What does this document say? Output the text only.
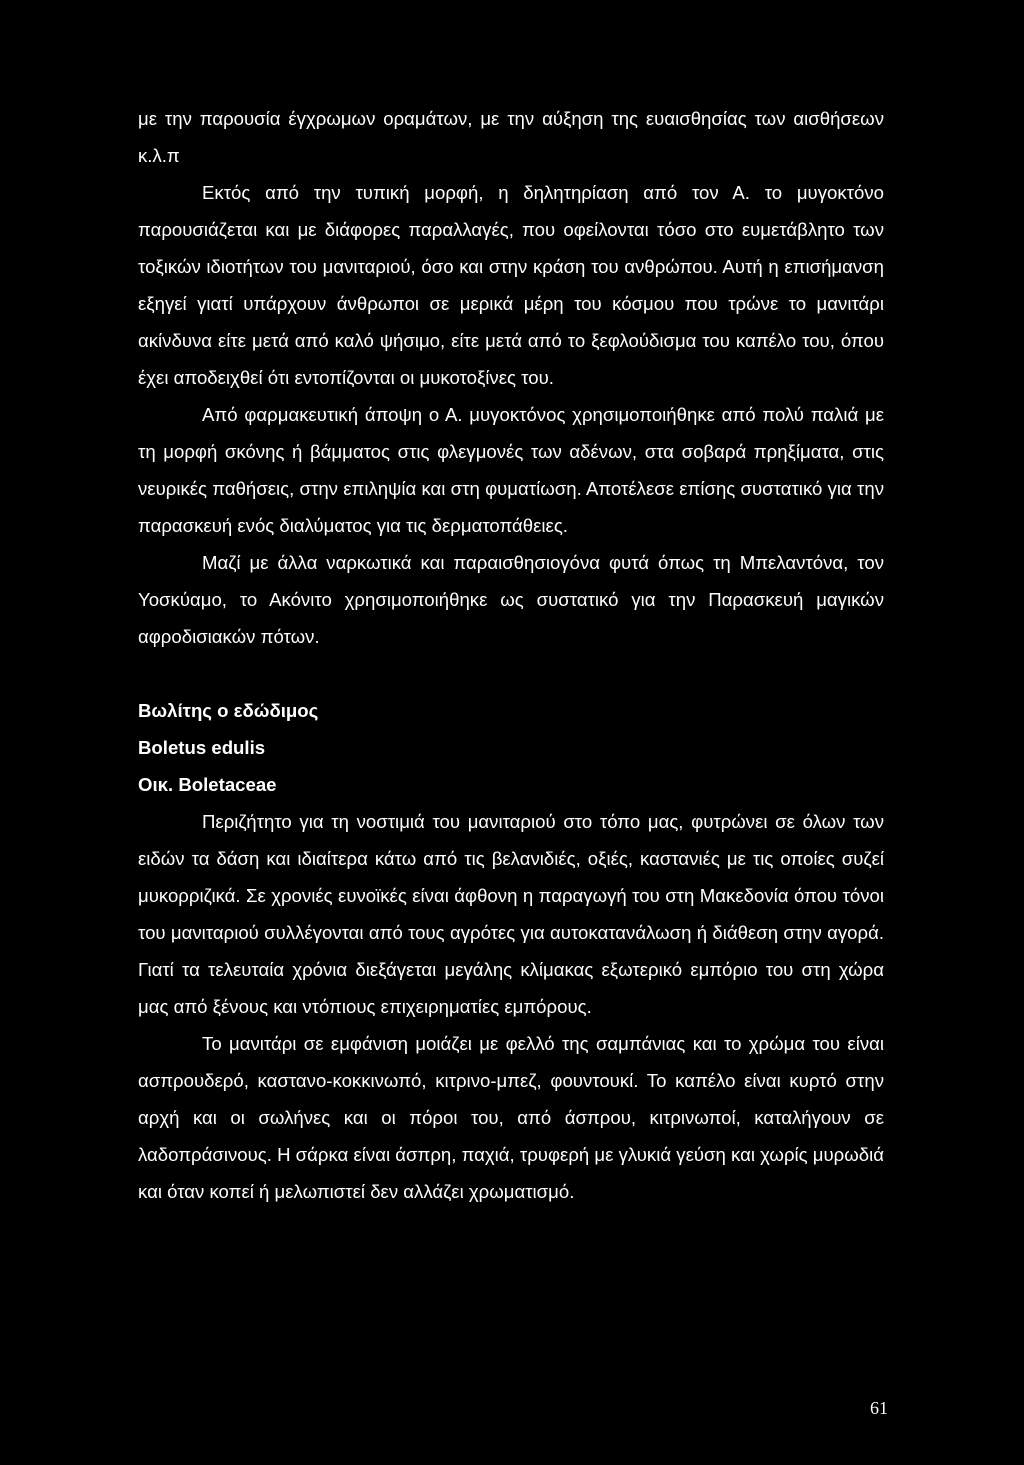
με την παρουσία έγχρωμων οραμάτων, με την αύξηση της ευαισθησίας των αισθήσεων κ.λ.π

Εκτός από την τυπική μορφή, η δηλητηρίαση από τον Α. το μυγοκτόνο παρουσιάζεται και με διάφορες παραλλαγές, που οφείλονται τόσο στο ευμετάβλητο των τοξικών ιδιοτήτων του μανιταριού, όσο και στην κράση του ανθρώπου. Αυτή η επισήμανση εξηγεί γιατί υπάρχουν άνθρωποι σε μερικά μέρη του κόσμου που τρώνε το μανιτάρι ακίνδυνα είτε μετά από καλό ψήσιμο, είτε μετά από το ξεφλούδισμα του καπέλο του, όπου έχει αποδειχθεί ότι εντοπίζονται οι μυκοτοξίνες του.

Από φαρμακευτική άποψη ο Α. μυγοκτόνος χρησιμοποιήθηκε από πολύ παλιά με τη μορφή σκόνης ή βάμματος στις φλεγμονές των αδένων, στα σοβαρά πρηξίματα, στις νευρικές παθήσεις, στην επιληψία και στη φυματίωση. Αποτέλεσε επίσης συστατικό για την παρασκευή ενός διαλύματος για τις δερματοπάθειες.

Μαζί με άλλα ναρκωτικά και παραισθησιογόνα φυτά όπως τη Μπελαντόνα, τον Υοσκύαμο, το Ακόνιτο χρησιμοποιήθηκε ως συστατικό για την Παρασκευή μαγικών αφροδισιακών πότων.

Βωλίτης ο εδώδιμος

Boletus edulis

Οικ. Boletaceae

Περιζήτητο για τη νοστιμιά του μανιταριού στο τόπο μας, φυτρώνει σε όλων των ειδών τα δάση και ιδιαίτερα κάτω από τις βελανιδιές, οξιές, καστανιές με τις οποίες συζεί μυκορριζικά. Σε χρονιές ευνοϊκές είναι άφθονη η παραγωγή του στη Μακεδονία όπου τόνοι του μανιταριού συλλέγονται από τους αγρότες για αυτοκατανάλωση ή διάθεση στην αγορά. Γιατί τα τελευταία χρόνια διεξάγεται μεγάλης κλίμακας εξωτερικό εμπόριο του στη χώρα μας από ξένους και ντόπιους επιχειρηματίες εμπόρους.

Το μανιτάρι σε εμφάνιση μοιάζει με φελλό της σαμπάνιας και το χρώμα του είναι ασπρουδερό, καστανο-κοκκινωπό, κιτρινο-μπεζ, φουντουκί. Το καπέλο είναι κυρτό στην αρχή και οι σωλήνες και οι πόροι του, από άσπρου, κιτρινωποί, καταλήγουν σε λαδοπράσινους. Η σάρκα είναι άσπρη, παχιά, τρυφερή με γλυκιά γεύση και χωρίς μυρωδιά και όταν κοπεί ή μελωπιστεί δεν αλλάζει χρωματισμό.

61
